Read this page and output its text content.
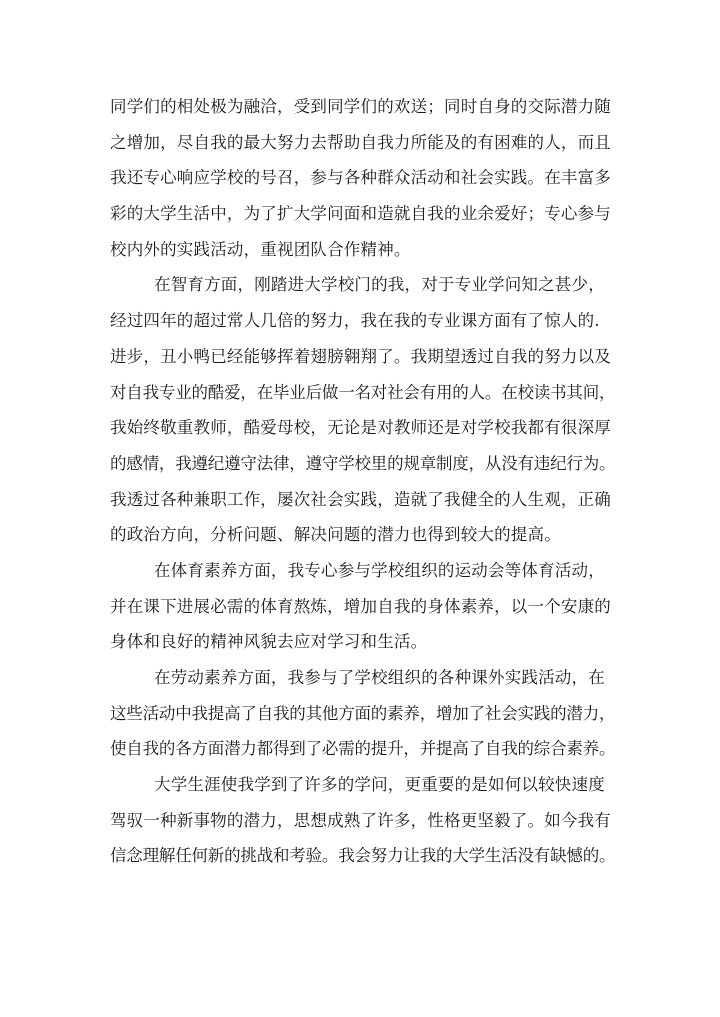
同学们的相处极为融洽，受到同学们的欢送；同时自身的交际潜力随
之增加，尽自我的最大努力去帮助自我力所能及的有困难的人，而且
我还专心响应学校的号召，参与各种群众活动和社会实践。在丰富多
彩的大学生活中，为了扩大学问面和造就自我的业余爱好；专心参与
校内外的实践活动，重视团队合作精神。
在智育方面，刚踏进大学校门的我，对于专业学问知之甚少，
经过四年的超过常人几倍的努力，我在我的专业课方面有了惊人的.
进步，丑小鸭已经能够挥着翅膀翱翔了。我期望透过自我的努力以及
对自我专业的酷爱，在毕业后做一名对社会有用的人。在校读书其间，
我始终敬重教师，酷爱母校，无论是对教师还是对学校我都有很深厚
的感情，我遵纪遵守法律，遵守学校里的规章制度，从没有违纪行为。
我透过各种兼职工作，屡次社会实践，造就了我健全的人生观，正确
的政治方向，分析问题、解决问题的潜力也得到较大的提高。
在体育素养方面，我专心参与学校组织的运动会等体育活动，
并在课下进展必需的体育熬炼，增加自我的身体素养，以一个安康的
身体和良好的精神风貌去应对学习和生活。
在劳动素养方面，我参与了学校组织的各种课外实践活动，在
这些活动中我提高了自我的其他方面的素养，增加了社会实践的潜力，
使自我的各方面潜力都得到了必需的提升，并提高了自我的综合素养。
大学生涯使我学到了许多的学问，更重要的是如何以较快速度
驾驭一种新事物的潜力，思想成熟了许多，性格更坚毅了。如今我有
信念理解任何新的挑战和考验。我会努力让我的大学生活没有缺憾的。
